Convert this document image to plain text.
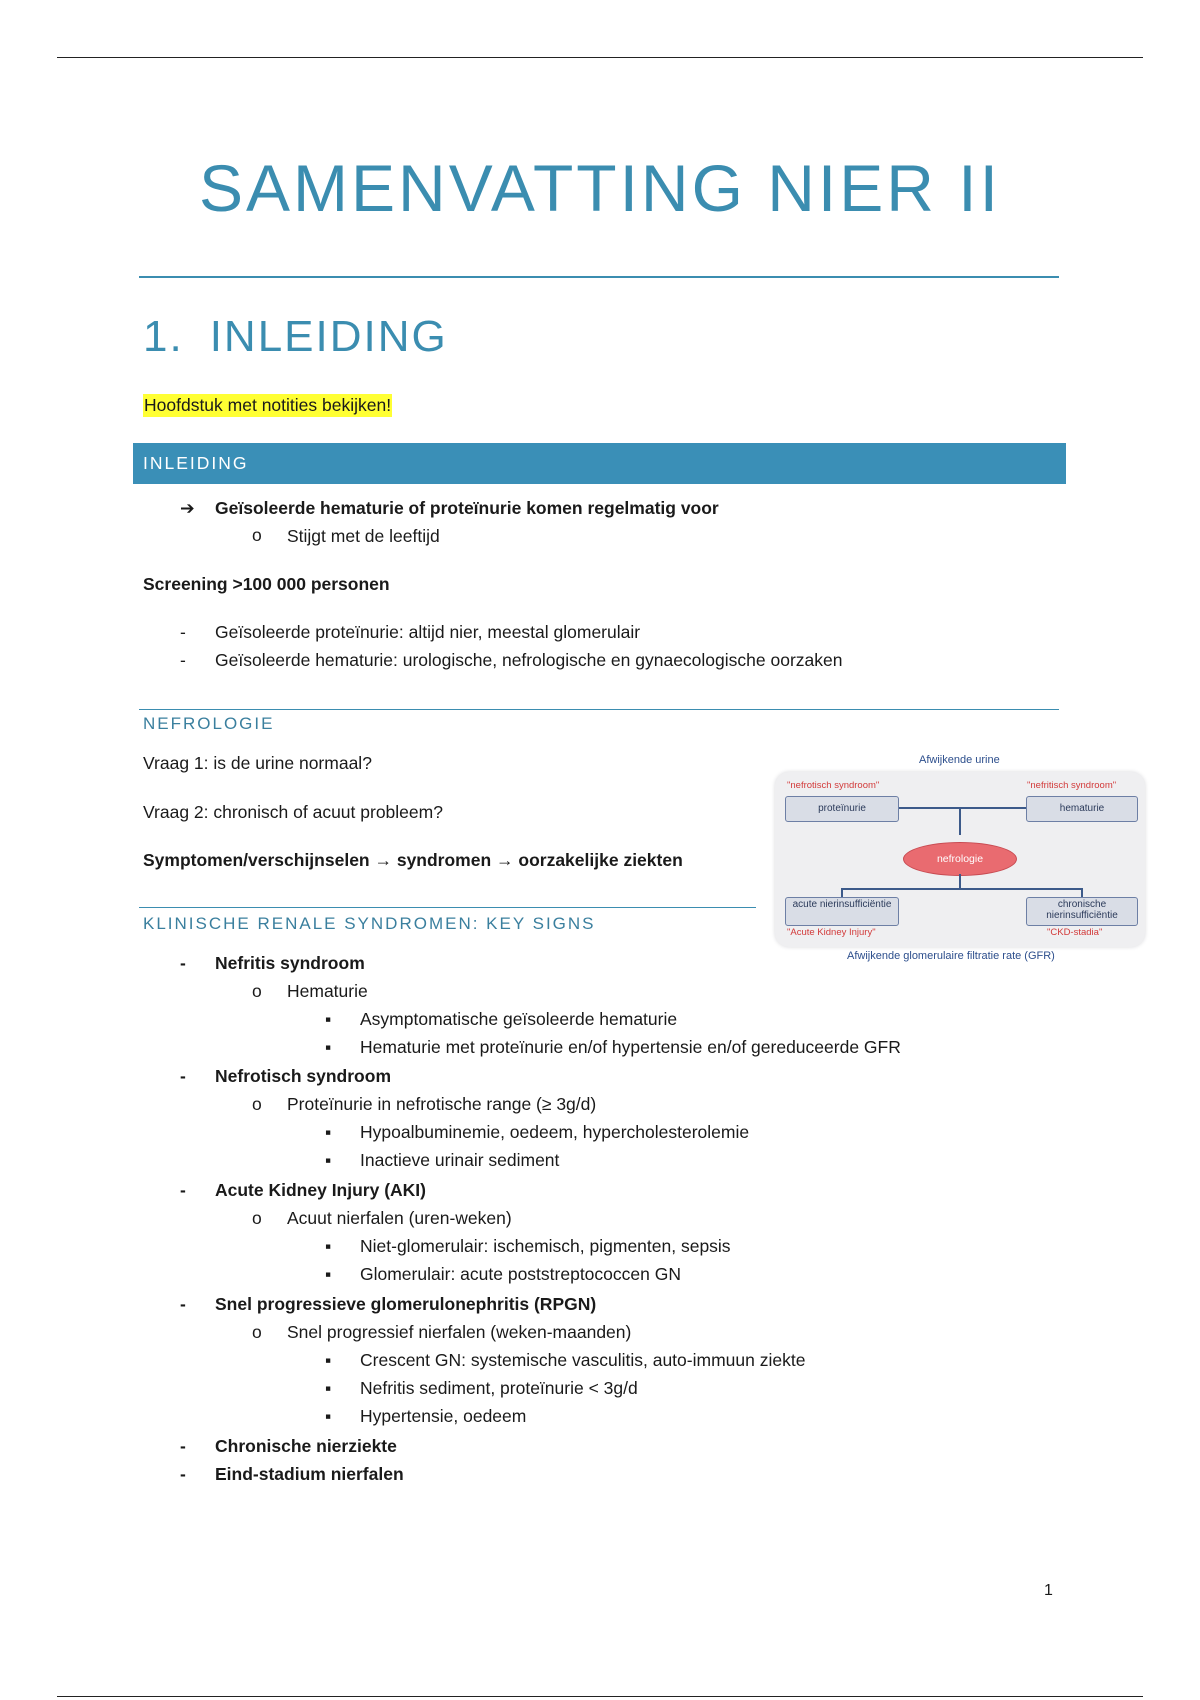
SAMENVATTING NIER II
1. INLEIDING
Hoofdstuk met notities bekijken!
INLEIDING
➔ Geïsoleerde hematurie of proteïnurie komen regelmatig voor
o Stijgt met de leeftijd
Screening >100 000 personen
- Geïsoleerde proteïnurie: altijd nier, meestal glomerulair
- Geïsoleerde hematurie: urologische, nefrologische en gynaecologische oorzaken
NEFROLOGIE
Vraag 1: is de urine normaal?
Vraag 2: chronisch of acuut probleem?
Symptomen/verschijnselen → syndromen → oorzakelijke ziekten
Afwijkende urine
"nefrotisch syndroom"	"nefritisch syndroom"
proteïnurie	hematurie
nefrologie
acute nierinsufficiëntie	chronische nierinsufficiëntie
"Acute Kidney Injury"	"CKD-stadia"
Afwijkende glomerulaire filtratie rate (GFR)
KLINISCHE RENALE SYNDROMEN: KEY SIGNS
- Nefritis syndroom
o Hematurie
▪ Asymptomatische geïsoleerde hematurie
▪ Hematurie met proteïnurie en/of hypertensie en/of gereduceerde GFR
- Nefrotisch syndroom
o Proteïnurie in nefrotische range (≥ 3g/d)
▪ Hypoalbuminemie, oedeem, hypercholesterolemie
▪ Inactieve urinair sediment
- Acute Kidney Injury (AKI)
o Acuut nierfalen (uren-weken)
▪ Niet-glomerulair: ischemisch, pigmenten, sepsis
▪ Glomerulair: acute poststreptococcen GN
- Snel progressieve glomerulonephritis (RPGN)
o Snel progressief nierfalen (weken-maanden)
▪ Crescent GN: systemische vasculitis, auto-immuun ziekte
▪ Nefritis sediment, proteïnurie < 3g/d
▪ Hypertensie, oedeem
- Chronische nierziekte
- Eind-stadium nierfalen
1
